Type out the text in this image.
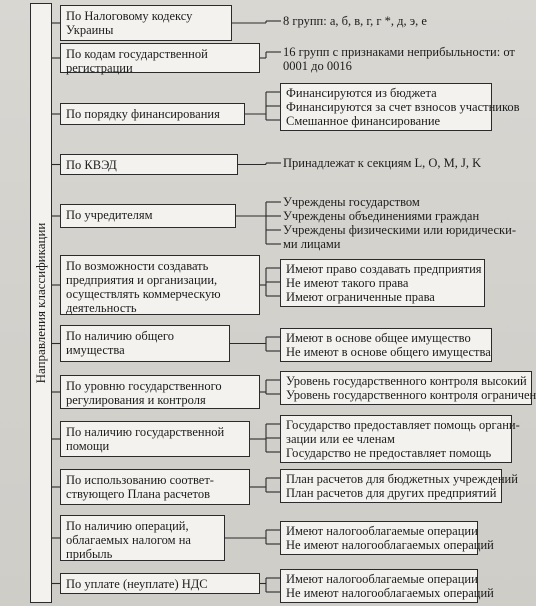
Направления классификации
По Налоговому кодексу
Украины
8 групп: а, б, в, г, г *, д, э, е
По кодам государственной
регистрации
16 групп с признаками неприбыльности: от
0001 до 0016
По порядку финансирования
Финансируются из бюджета
Финансируются за счет взносов участников
Смешанное финансирование
По КВЭД	Принадлежат к секциям L, O, M, J, K
По учредителям
Учреждены государством
Учреждены объединениями граждан
Учреждены физическими или юридически-
ми лицами
По возможности создавать
предприятия и организации,
осуществлять коммерческую
деятельность
Имеют право создавать предприятия
Не имеют такого права
Имеют ограниченные права
По наличию общего
имущества
Имеют в основе общее имущество
Не имеют в основе общего имущества
По уровню государственного
регулирования и контроля
Уровень государственного контроля высокий
Уровень государственного контроля ограничен
По наличию государственной
помощи
Государство предоставляет помощь органи-
зации или ее членам
Государство не предоставляет помощь
По использованию соответ-
ствующего Плана расчетов
План расчетов для бюджетных учреждений
План расчетов для других предприятий
По наличию операций,
облагаемых налогом на
прибыль
Имеют налогооблагаемые операции
Не имеют налогооблагаемых операций
По уплате (неуплате) НДС	Имеют налогооблагаемые операции
Не имеют налогооблагаемых операций
